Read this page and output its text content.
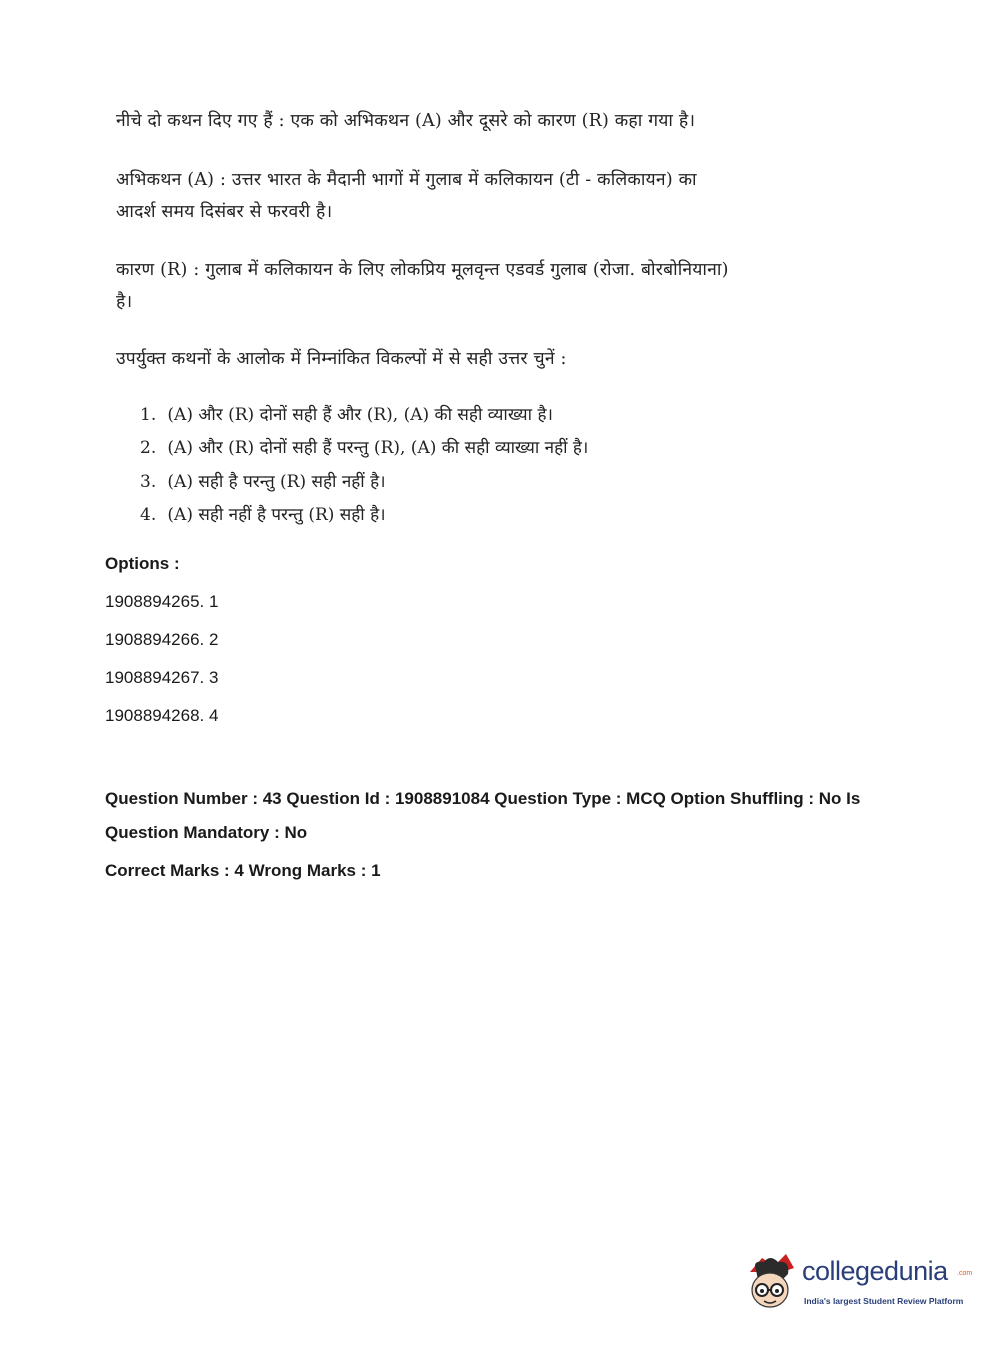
नीचे दो कथन दिए गए हैं : एक को अभिकथन (A) और दूसरे को कारण (R) कहा गया है।
अभिकथन (A) : उत्तर भारत के मैदानी भागों में गुलाब में कलिकायन (टी - कलिकायन) का
आदर्श समय दिसंबर से फरवरी है।
कारण (R) : गुलाब में कलिकायन के लिए लोकप्रिय मूलवृन्त एडवर्ड गुलाब (रोजा. बोरबोनियाना)
है।
उपर्युक्त कथनों के आलोक में निम्नांकित विकल्पों में से सही उत्तर चुनें :
1. (A) और (R) दोनों सही हैं और (R), (A) की सही व्याख्या है।
2. (A) और (R) दोनों सही हैं परन्तु (R), (A) की सही व्याख्या नहीं है।
3. (A) सही है परन्तु (R) सही नहीं है।
4. (A) सही नहीं है परन्तु (R) सही है।
Options :
1908894265. 1
1908894266. 2
1908894267. 3
1908894268. 4
Question Number : 43 Question Id : 1908891084 Question Type : MCQ Option Shuffling : No Is
Question Mandatory : No
Correct Marks : 4 Wrong Marks : 1
collegedunia .com
India's largest Student Review Platform
